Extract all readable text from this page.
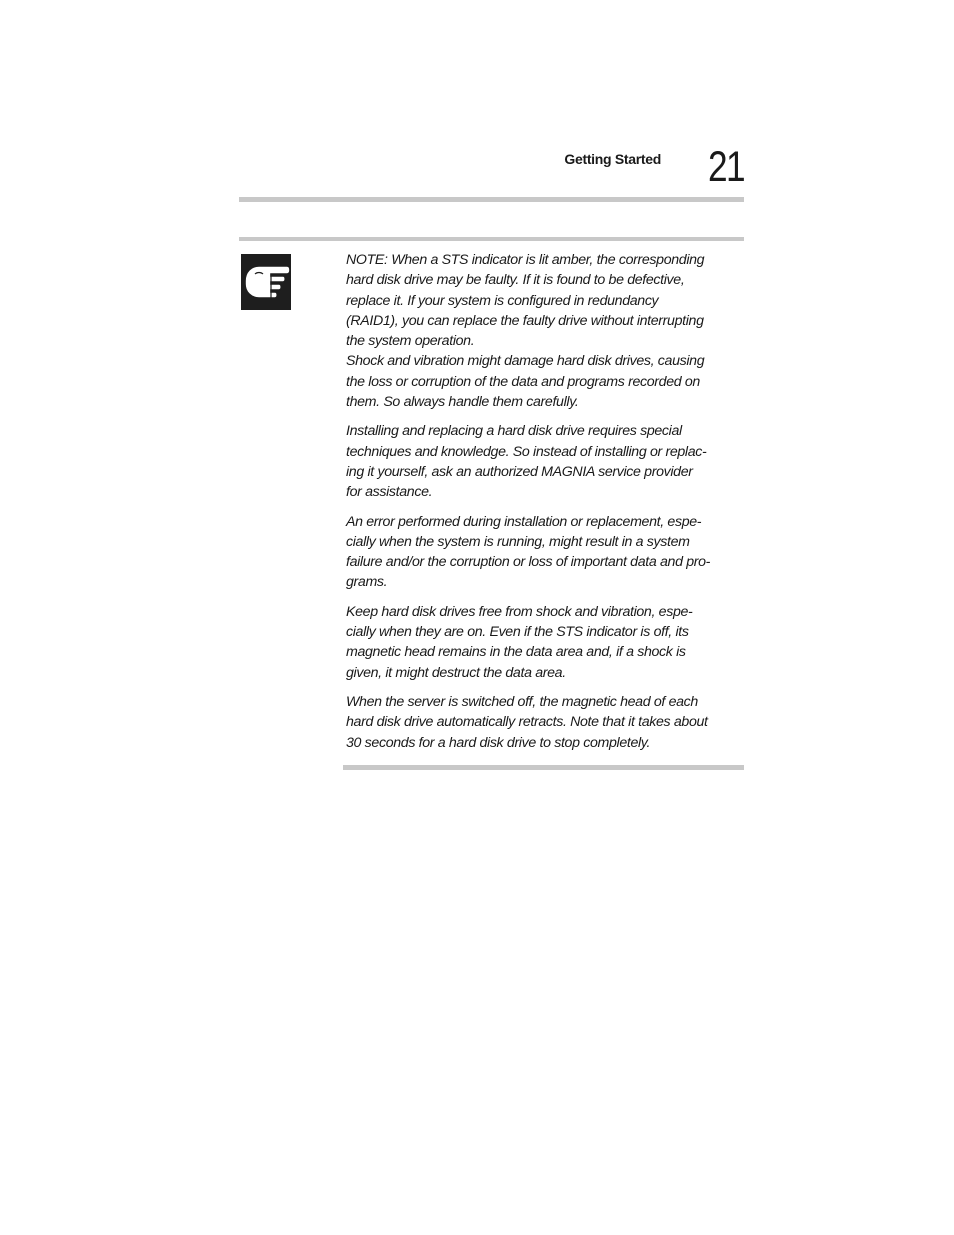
Getting Started 21

NOTE: When a STS indicator is lit amber, the corresponding
hard disk drive may be faulty. If it is found to be defective,
replace it. If your system is configured in redundancy
(RAID1), you can replace the faulty drive without interrupting
the system operation.

Shock and vibration might damage hard disk drives, causing
the loss or corruption of the data and programs recorded on
them. So always handle them carefully.

Installing and replacing a hard disk drive requires special
techniques and knowledge. So instead of installing or replac-
ing it yourself, ask an authorized MAGNIA service provider
for assistance.

An error performed during installation or replacement, espe-
cially when the system is running, might result in a system
failure and/or the corruption or loss of important data and pro-
grams.

Keep hard disk drives free from shock and vibration, espe-
cially when they are on. Even if the STS indicator is off, its
magnetic head remains in the data area and, if a shock is
given, it might destruct the data area.

When the server is switched off, the magnetic head of each
hard disk drive automatically retracts. Note that it takes about
30 seconds for a hard disk drive to stop completely.
